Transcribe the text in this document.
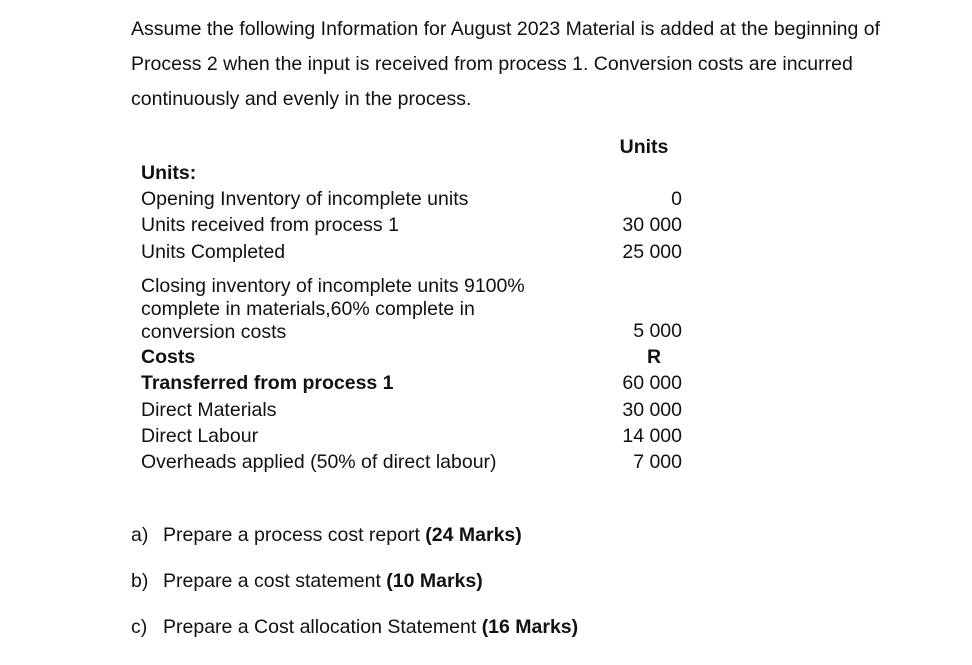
Assume the following Information for August 2023 Material is added at the beginning of

Process 2 when the input is received from process 1. Conversion costs are incurred

continuously and evenly in the process.

Units
Units:
Opening Inventory of incomplete units	0
Units received from process 1	30 000
Units Completed	25 000
Closing inventory of incomplete units 9100%
complete in materials,60% complete in
conversion costs	5 000
Costs	R
Transferred from process 1	60 000
Direct Materials	30 000
Direct Labour	14 000
Overheads applied (50% of direct labour)	7 000
a) Prepare a process cost report (24 Marks)
b) Prepare a cost statement (10 Marks)
c) Prepare a Cost allocation Statement (16 Marks)
